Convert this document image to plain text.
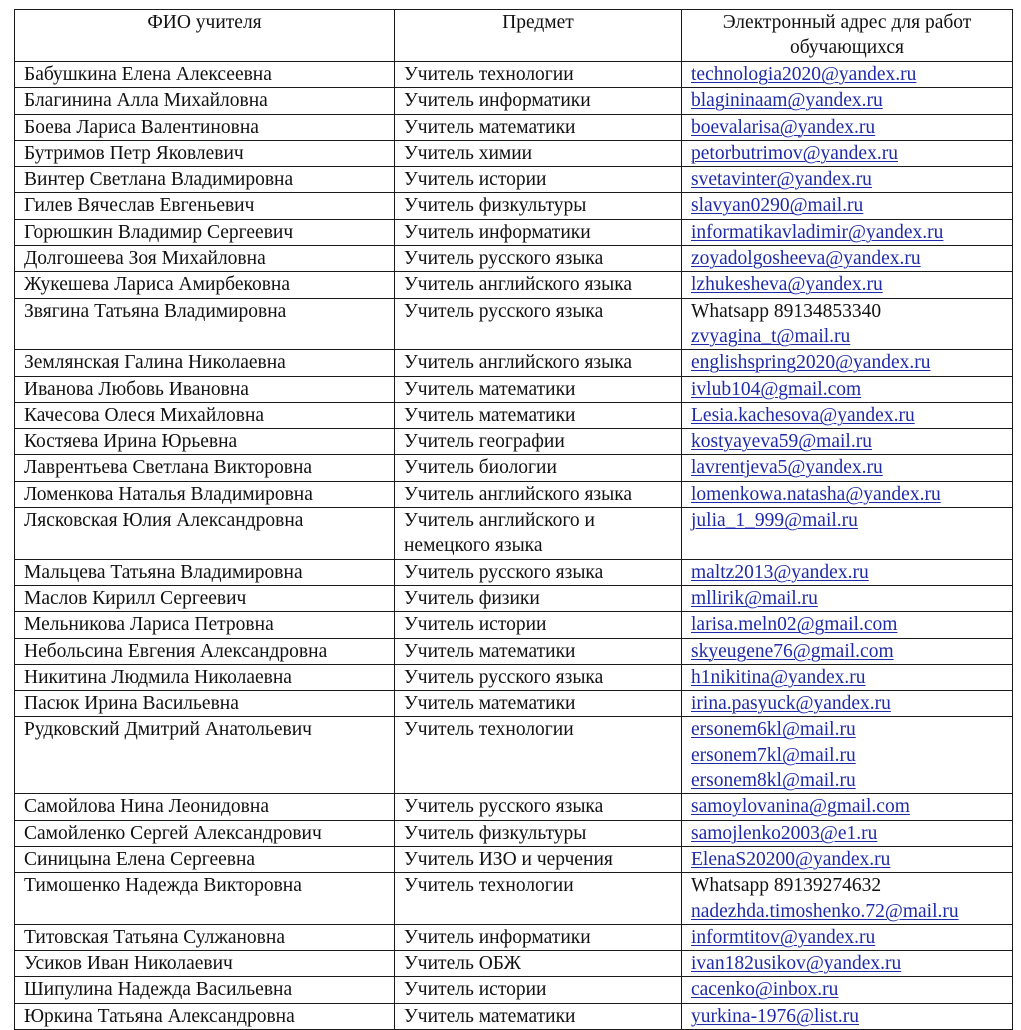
ФИО учителя	Предмет	Электронный адрес для работ обучающихся
Бабушкина Елена Алексеевна	Учитель технологии	technologia2020@yandex.ru

Благинина Алла Михайловна	Учитель информатики	blagininaam@yandex.ru

Боева Лариса Валентиновна	Учитель математики	boevalarisa@yandex.ru

Бутримов Петр Яковлевич	Учитель химии	petorbutrimov@yandex.ru

Винтер Светлана Владимировна	Учитель истории	svetavinter@yandex.ru

Гилев Вячеслав Евгеньевич	Учитель физкультуры	slavyan0290@mail.ru

Горюшкин Владимир Сергеевич	Учитель информатики	informatikavladimir@yandex.ru

Долгошеева Зоя Михайловна	Учитель русского языка	zoyadolgosheeva@yandex.ru

Жукешева Лариса Амирбековна	Учитель английского языка	lzhukesheva@yandex.ru

Звягина Татьяна Владимировна	Учитель русского языка	Whatsapp 89134853340
zvyagina_t@mail.ru

Землянская Галина Николаевна	Учитель английского языка	englishspring2020@yandex.ru

Иванова Любовь Ивановна	Учитель математики	ivlub104@gmail.com

Качесова Олеся Михайловна	Учитель математики	Lesia.kachesova@yandex.ru

Костяева Ирина Юрьевна	Учитель географии	kostyayeva59@mail.ru

Лаврентьева Светлана Викторовна	Учитель биологии	lavrentjeva5@yandex.ru

Ломенкова Наталья Владимировна	Учитель английского языка	lomenkowa.natasha@yandex.ru

Лясковская Юлия Александровна	Учитель английского и немецкого языка	julia_1_999@mail.ru

Мальцева Татьяна Владимировна	Учитель русского языка	maltz2013@yandex.ru

Маслов Кирилл Сергеевич	Учитель физики	mllirik@mail.ru

Мельникова Лариса Петровна	Учитель истории	larisa.meln02@gmail.com

Небольсина Евгения Александровна	Учитель математики	skyeugene76@gmail.com

Никитина Людмила Николаевна	Учитель русского языка	h1nikitina@yandex.ru

Пасюк Ирина Васильевна	Учитель математики	irina.pasyuck@yandex.ru

Рудковский Дмитрий Анатольевич	Учитель технологии	ersonem6kl@mail.ru
ersonem7kl@mail.ru
ersonem8kl@mail.ru

Самойлова Нина Леонидовна	Учитель русского языка	samoylovanina@gmail.com

Самойленко Сергей Александрович	Учитель физкультуры	samojlenko2003@e1.ru

Синицына Елена Сергеевна	Учитель ИЗО и черчения	ElenaS20200@yandex.ru

Тимошенко Надежда Викторовна	Учитель технологии	Whatsapp 89139274632
nadezhda.timoshenko.72@mail.ru

Титовская Татьяна Сулжановна	Учитель информатики	informtitov@yandex.ru

Усиков Иван Николаевич	Учитель ОБЖ	ivan182usikov@yandex.ru

Шипулина Надежда Васильевна	Учитель истории	cacenko@inbox.ru

Юркина Татьяна Александровна	Учитель математики	yurkina-1976@list.ru
